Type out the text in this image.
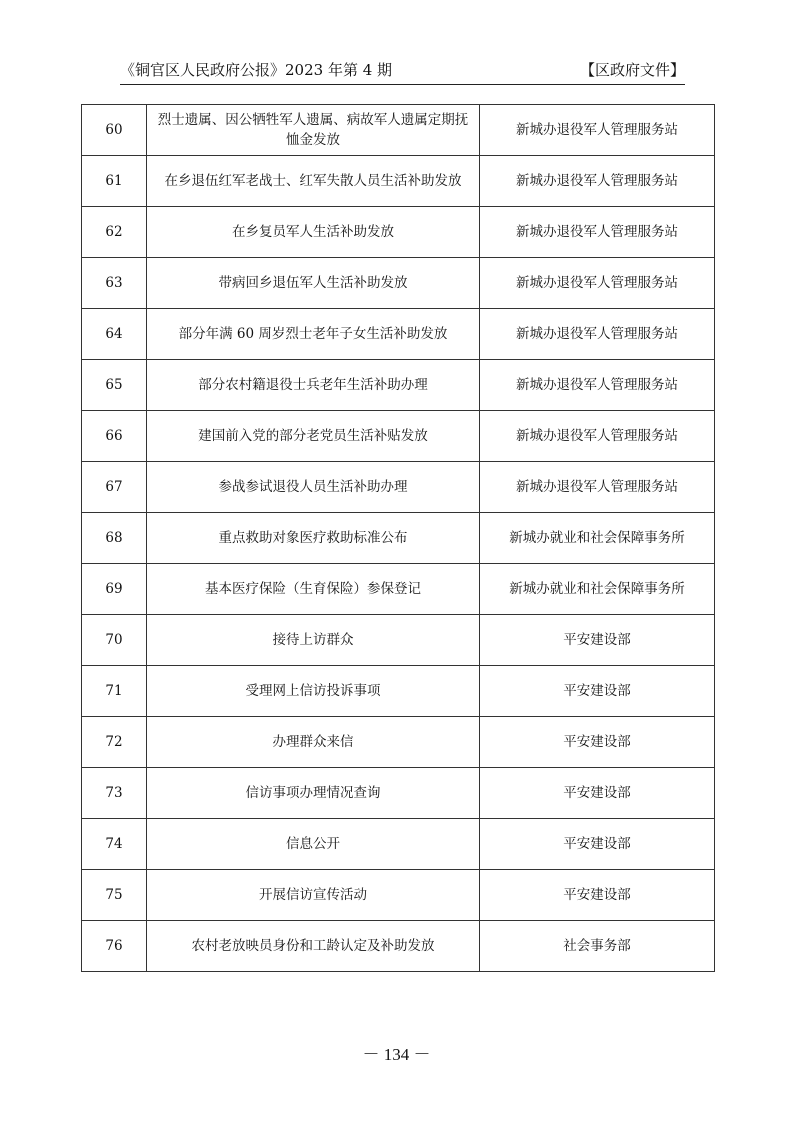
《铜官区人民政府公报》2023 年第 4 期	【区政府文件】
60	烈士遗属、因公牺牲军人遗属、病故军人遗属定期抚恤金发放	新城办退役军人管理服务站
61	在乡退伍红军老战士、红军失散人员生活补助发放	新城办退役军人管理服务站
62	在乡复员军人生活补助发放	新城办退役军人管理服务站
63	带病回乡退伍军人生活补助发放	新城办退役军人管理服务站
64	部分年满 60 周岁烈士老年子女生活补助发放	新城办退役军人管理服务站
65	部分农村籍退役士兵老年生活补助办理	新城办退役军人管理服务站
66	建国前入党的部分老党员生活补贴发放	新城办退役军人管理服务站
67	参战参试退役人员生活补助办理	新城办退役军人管理服务站
68	重点救助对象医疗救助标准公布	新城办就业和社会保障事务所
69	基本医疗保险（生育保险）参保登记	新城办就业和社会保障事务所
70	接待上访群众	平安建设部
71	受理网上信访投诉事项	平安建设部
72	办理群众来信	平安建设部
73	信访事项办理情况查询	平安建设部
74	信息公开	平安建设部
75	开展信访宣传活动	平安建设部
76	农村老放映员身份和工龄认定及补助发放	社会事务部
－ 134 －
